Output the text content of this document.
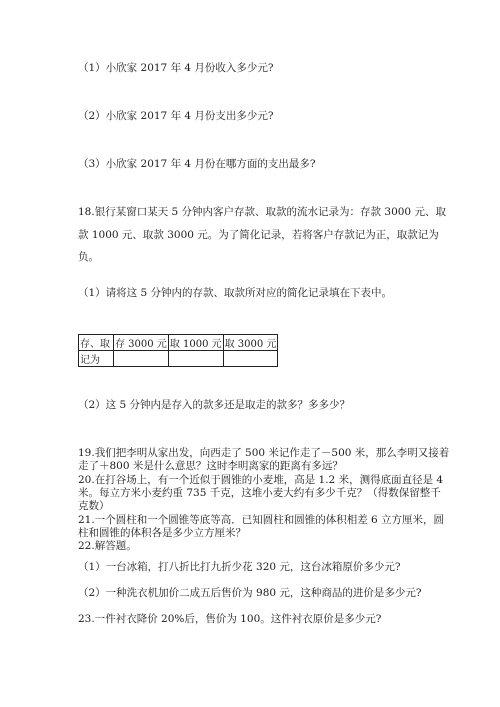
（1）小欣家 2017 年 4 月份收入多少元?
（2）小欣家 2017 年 4 月份支出多少元?
（3）小欣家 2017 年 4 月份在哪方面的支出最多?
18.银行某窗口某天 5 分钟内客户存款、取款的流水记录为：存款 3000 元、取
款 1000 元、取款 3000 元。为了简化记录，若将客户存款记为正，取款记为
负。
（1）请将这 5 分钟内的存款、取款所对应的简化记录填在下表中。
存、取	存 3000 元	取 1000 元	取 3000 元
记为			
（2）这 5 分钟内是存入的款多还是取走的款多？多多少？
19.我们把李明从家出发，向西走了 500 米记作走了－500 米，那么李明又接着
走了＋800 米是什么意思？这时李明离家的距离有多远？
20.在打谷场上，有一个近似于圆锥的小麦堆，高是 1.2 米，测得底面直径是 4
米。每立方米小麦约重 735 千克，这堆小麦大约有多少千克？（得数保留整千
克数）
21.一个圆柱和一个圆锥等底等高．已知圆柱和圆锥的体积相差 6 立方厘米，圆
柱和圆锥的体积各是多少立方厘米？
22.解答题。
（1）一台冰箱，打八折比打九折少花 320 元，这台冰箱原价多少元?
（2）一种洗衣机加价二成五后售价为 980 元，这种商品的进价是多少元?
23.一件衬衣降价 20%后，售价为 100。这件衬衣原价是多少元?
